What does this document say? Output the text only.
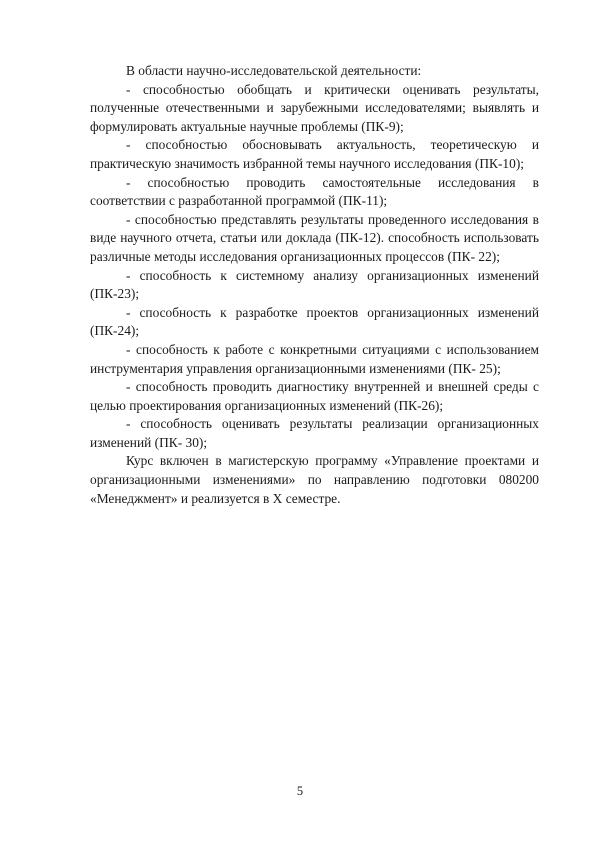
В области научно-исследовательской деятельности:

- способностью обобщать и критически оценивать результаты, полученные отечественными и зарубежными исследователями; выявлять и формулировать актуальные научные проблемы (ПК-9);

- способностью обосновывать актуальность, теоретическую и практическую значимость избранной темы научного исследования (ПК-10);

- способностью проводить самостоятельные исследования в соответствии с разработанной программой (ПК-11);

- способностью представлять результаты проведенного исследования в виде научного отчета, статьи или доклада (ПК-12). способность использовать различные методы исследования организационных процессов (ПК- 22);

- способность к системному анализу организационных изменений (ПК-23);

- способность к разработке проектов организационных изменений (ПК-24);

- способность к работе с конкретными ситуациями с использованием инструментария управления организационными изменениями (ПК- 25);

- способность проводить диагностику внутренней и внешней среды с целью проектирования организационных изменений (ПК-26);

- способность оценивать результаты реализации организационных изменений (ПК- 30);

Курс включен в магистерскую программу «Управление проектами и организационными изменениями» по направлению подготовки 080200 «Менеджмент» и реализуется в X семестре.

5
